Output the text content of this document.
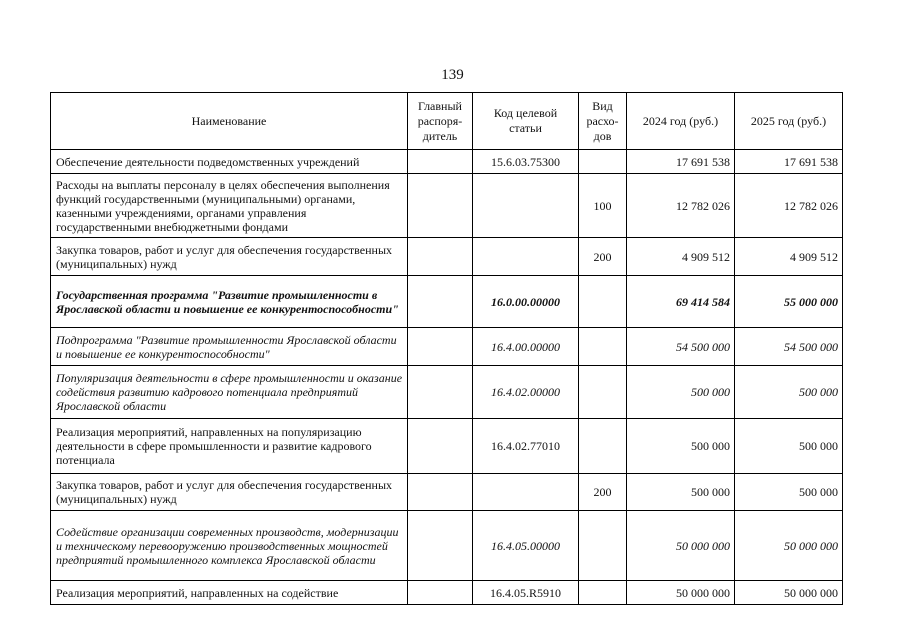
139
Наименование	Главный распоря-дитель	Код целевой статьи	Вид расхо-дов	2024 год (руб.)	2025 год (руб.)
Обеспечение деятельности подведомственных учреждений		15.6.03.75300		17 691 538	17 691 538
Расходы на выплаты персоналу в целях обеспечения выполнения функций государственными (муниципальными) органами, казенными учреждениями, органами управления государственными внебюджетными фондами			100	12 782 026	12 782 026
Закупка товаров, работ и услуг для обеспечения государственных (муниципальных) нужд			200	4 909 512	4 909 512
Государственная программа "Развитие промышленности в Ярославской области и повышение ее конкурентоспособности"		16.0.00.00000		69 414 584	55 000 000
Подпрограмма "Развитие промышленности Ярославской области и повышение ее конкурентоспособности"		16.4.00.00000		54 500 000	54 500 000
Популяризация деятельности в сфере промышленности и оказание содействия развитию кадрового потенциала предприятий Ярославской области		16.4.02.00000		500 000	500 000
Реализация мероприятий, направленных на популяризацию деятельности в сфере промышленности и развитие кадрового потенциала		16.4.02.77010		500 000	500 000
Закупка товаров, работ и услуг для обеспечения государственных (муниципальных) нужд			200	500 000	500 000
Содействие организации современных производств, модернизации и техническому перевооружению производственных мощностей предприятий промышленного комплекса Ярославской области		16.4.05.00000		50 000 000	50 000 000
Реализация мероприятий, направленных на содействие		16.4.05.R5910		50 000 000	50 000 000
